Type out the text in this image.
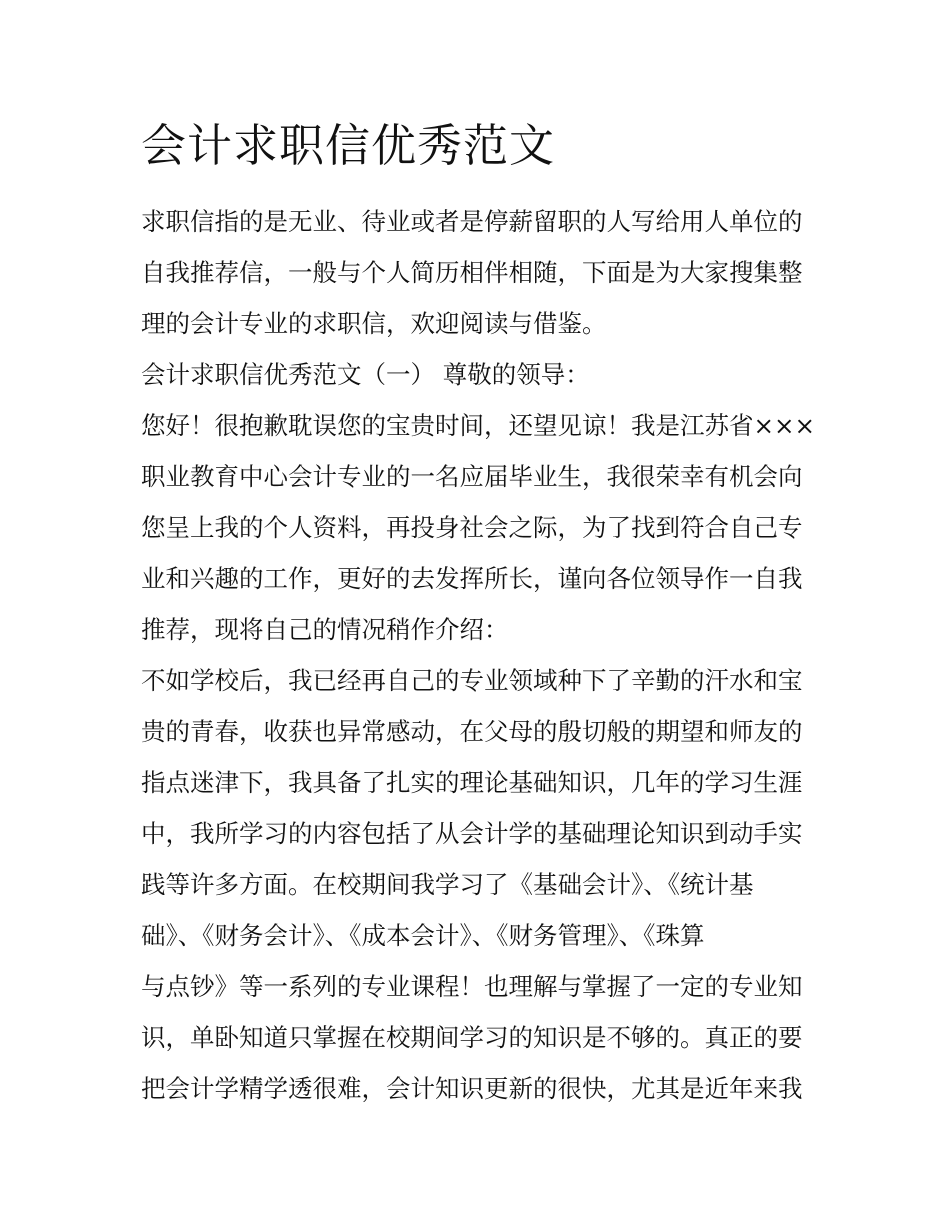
会计求职信优秀范文

求职信指的是无业、待业或者是停薪留职的人写给用人单位的

自我推荐信，一般与个人简历相伴相随，下面是为大家搜集整

理的会计专业的求职信，欢迎阅读与借鉴。

会计求职信优秀范文（一） 尊敬的领导：

您好！很抱歉耽误您的宝贵时间，还望见谅！我是江苏省×××

职业教育中心会计专业的一名应届毕业生，我很荣幸有机会向

您呈上我的个人资料，再投身社会之际，为了找到符合自己专

业和兴趣的工作，更好的去发挥所长，谨向各位领导作一自我

推荐，现将自己的情况稍作介绍：

不如学校后，我已经再自己的专业领域种下了辛勤的汗水和宝

贵的青春，收获也异常感动，在父母的殷切般的期望和师友的

指点迷津下，我具备了扎实的理论基础知识，几年的学习生涯

中，我所学习的内容包括了从会计学的基础理论知识到动手实

践等许多方面。在校期间我学习了《基础会计》、《统计基

础》、《财务会计》、《成本会计》、《财务管理》、《珠算

与点钞》等一系列的专业课程！也理解与掌握了一定的专业知

识，单卧知道只掌握在校期间学习的知识是不够的。真正的要

把会计学精学透很难，会计知识更新的很快，尤其是近年来我
